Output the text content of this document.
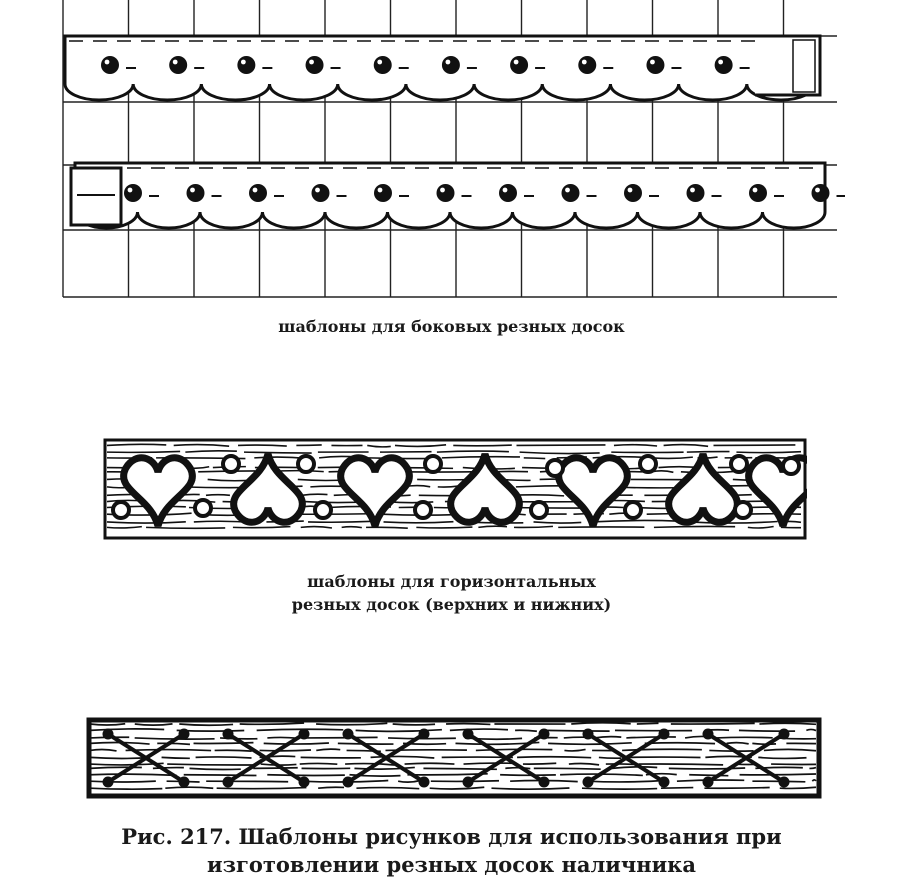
шаблоны для боковых резных досок
шаблоны для горизонтальных
резных досок (верхних и нижних)
Рис. 217. Шаблоны рисунков для использования при
изготовлении резных досок наличника
